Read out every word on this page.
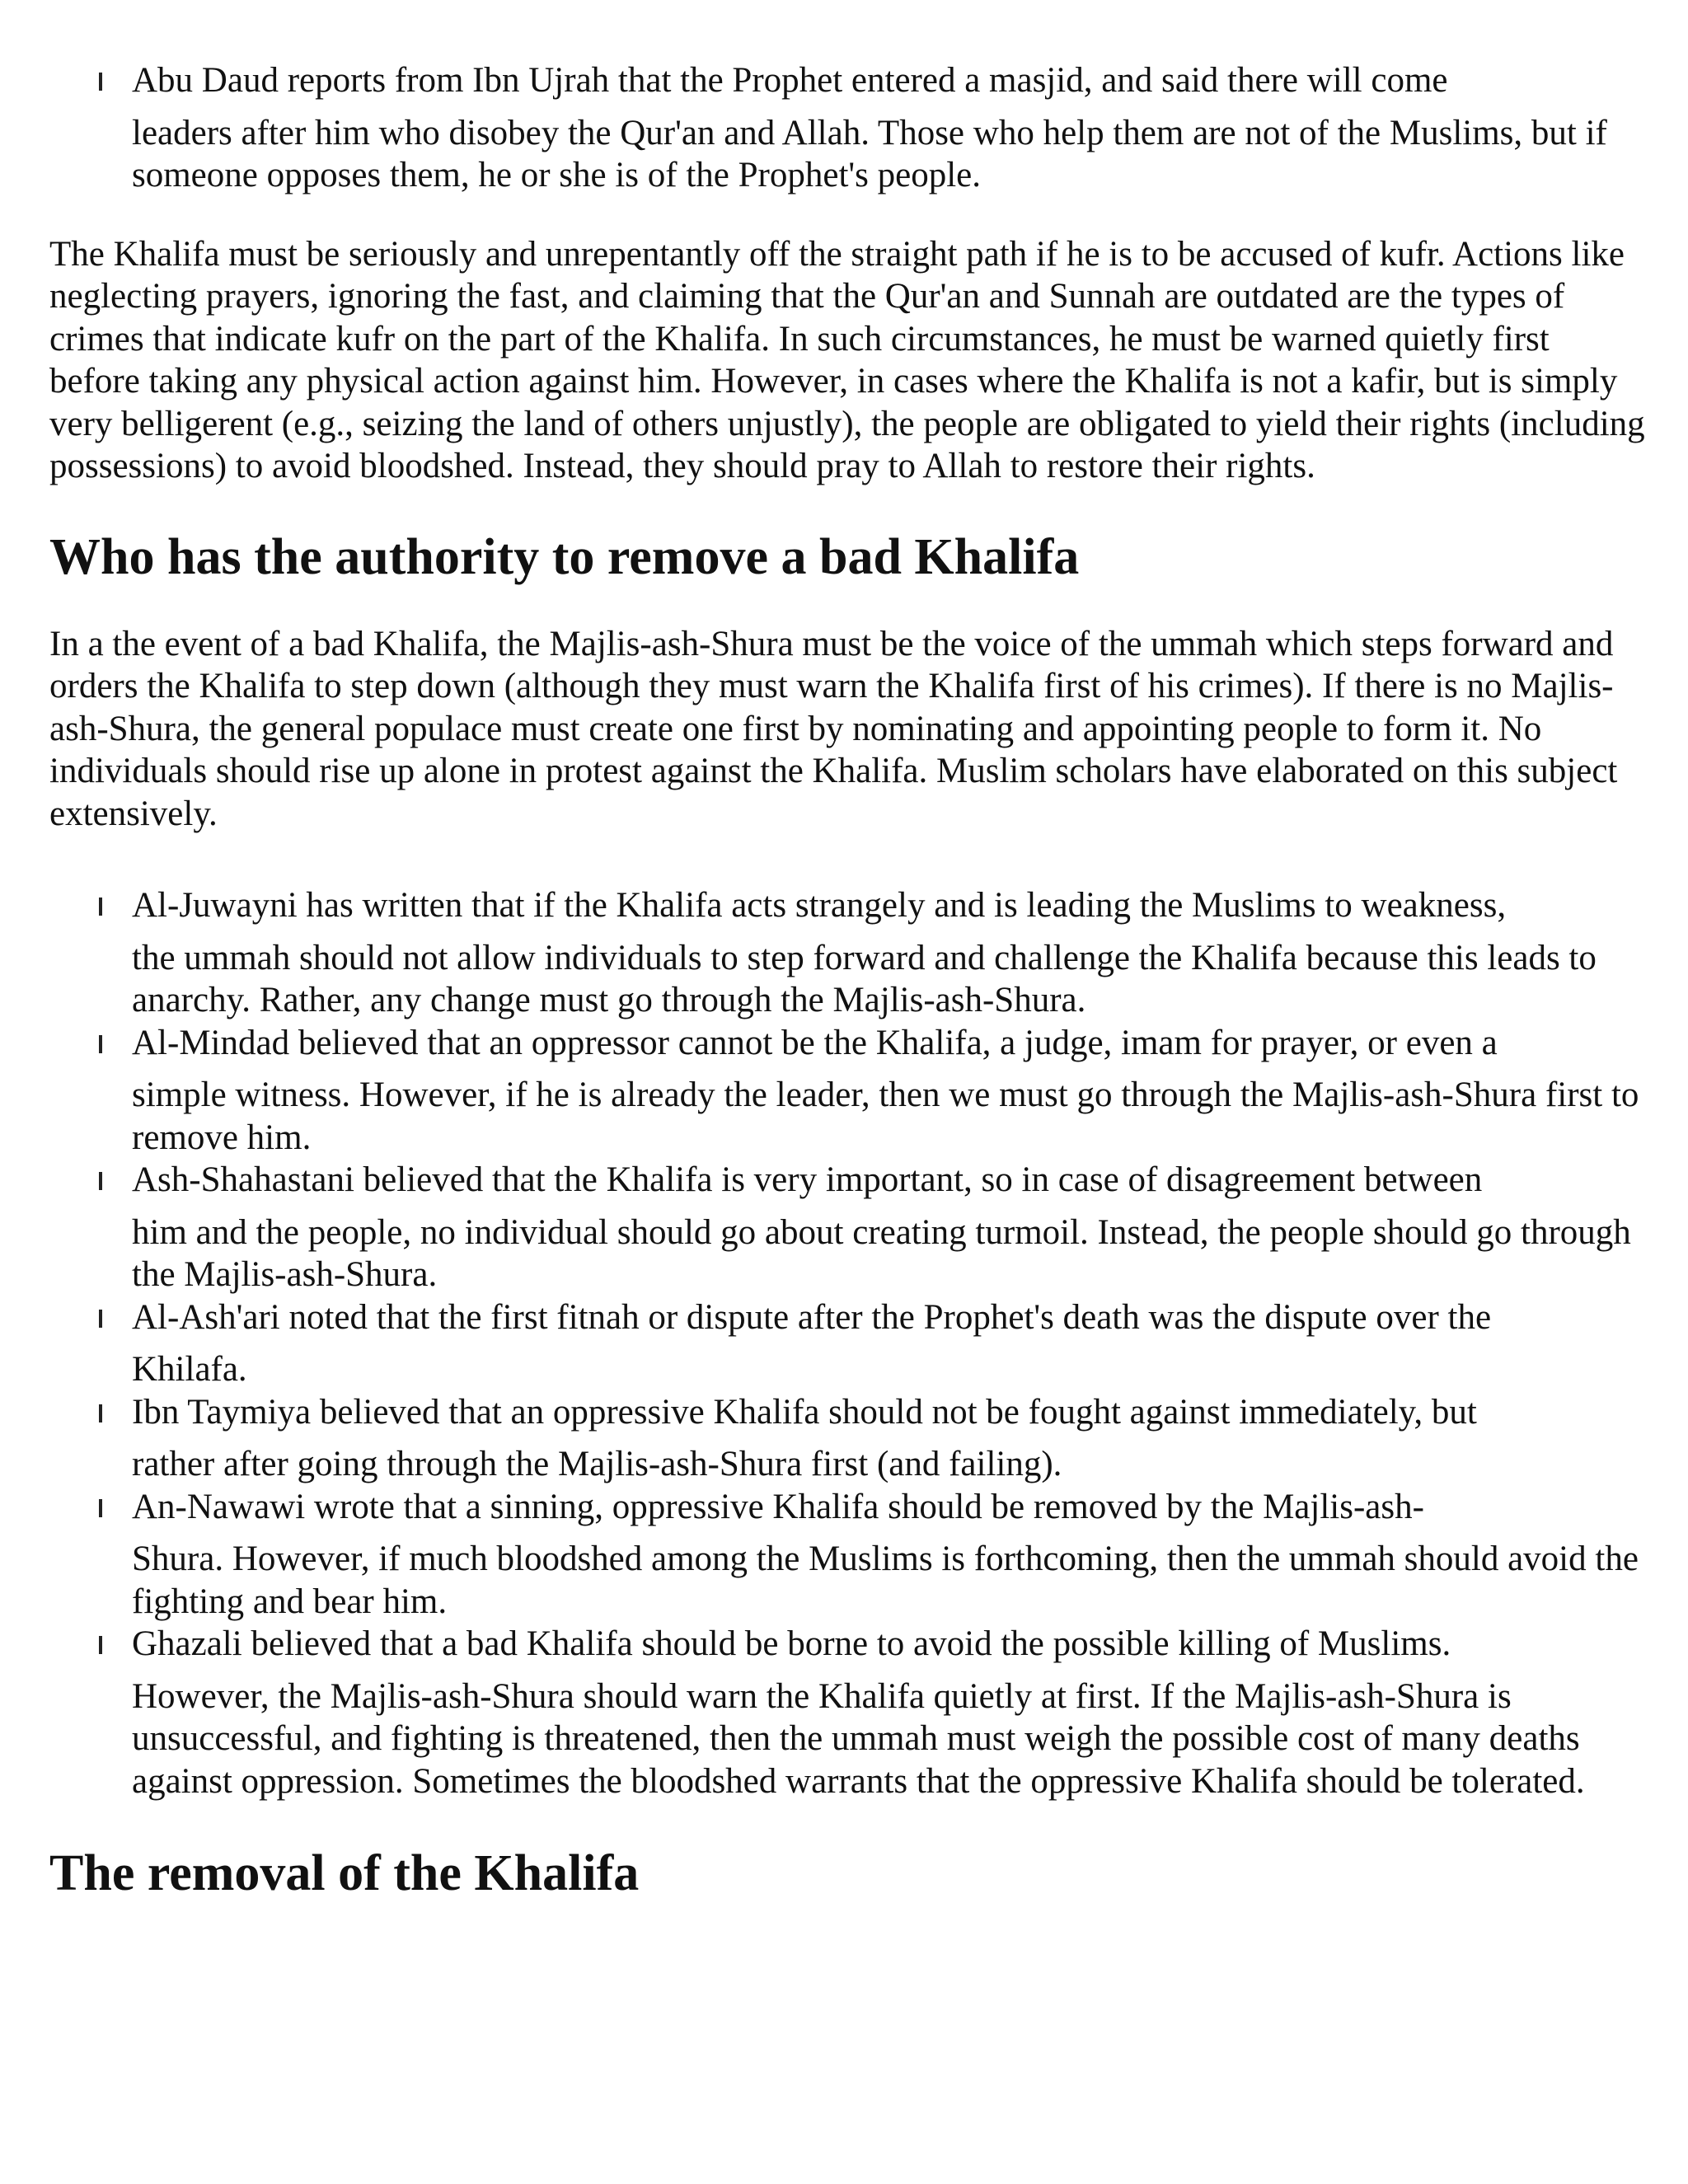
Abu Daud reports from Ibn Ujrah that the Prophet entered a masjid, and said there will come
leaders after him who disobey the Qur'an and Allah. Those who help them are not of the Muslims, but if someone opposes them, he or she is of the Prophet's people.

The Khalifa must be seriously and unrepentantly off the straight path if he is to be accused of kufr. Actions like neglecting prayers, ignoring the fast, and claiming that the Qur'an and Sunnah are outdated are the types of crimes that indicate kufr on the part of the Khalifa. In such circumstances, he must be warned quietly first before taking any physical action against him. However, in cases where the Khalifa is not a kafir, but is simply very belligerent (e.g., seizing the land of others unjustly), the people are obligated to yield their rights (including possessions) to avoid bloodshed. Instead, they should pray to Allah to restore their rights.

Who has the authority to remove a bad Khalifa

In a the event of a bad Khalifa, the Majlis-ash-Shura must be the voice of the ummah which steps forward and orders the Khalifa to step down (although they must warn the Khalifa first of his crimes). If there is no Majlis-ash-Shura, the general populace must create one first by nominating and appointing people to form it. No individuals should rise up alone in protest against the Khalifa. Muslim scholars have elaborated on this subject extensively.

Al-Juwayni has written that if the Khalifa acts strangely and is leading the Muslims to weakness,
the ummah should not allow individuals to step forward and challenge the Khalifa because this leads to anarchy. Rather, any change must go through the Majlis-ash-Shura.
Al-Mindad believed that an oppressor cannot be the Khalifa, a judge, imam for prayer, or even a
simple witness. However, if he is already the leader, then we must go through the Majlis-ash-Shura first to remove him.
Ash-Shahastani believed that the Khalifa is very important, so in case of disagreement between
him and the people, no individual should go about creating turmoil. Instead, the people should go through the Majlis-ash-Shura.
Al-Ash'ari noted that the first fitnah or dispute after the Prophet's death was the dispute over the
Khilafa.
Ibn Taymiya believed that an oppressive Khalifa should not be fought against immediately, but
rather after going through the Majlis-ash-Shura first (and failing).
An-Nawawi wrote that a sinning, oppressive Khalifa should be removed by the Majlis-ash-
Shura. However, if much bloodshed among the Muslims is forthcoming, then the ummah should avoid the fighting and bear him.
Ghazali believed that a bad Khalifa should be borne to avoid the possible killing of Muslims.
However, the Majlis-ash-Shura should warn the Khalifa quietly at first. If the Majlis-ash-Shura is unsuccessful, and fighting is threatened, then the ummah must weigh the possible cost of many deaths against oppression. Sometimes the bloodshed warrants that the oppressive Khalifa should be tolerated.
The removal of the Khalifa
